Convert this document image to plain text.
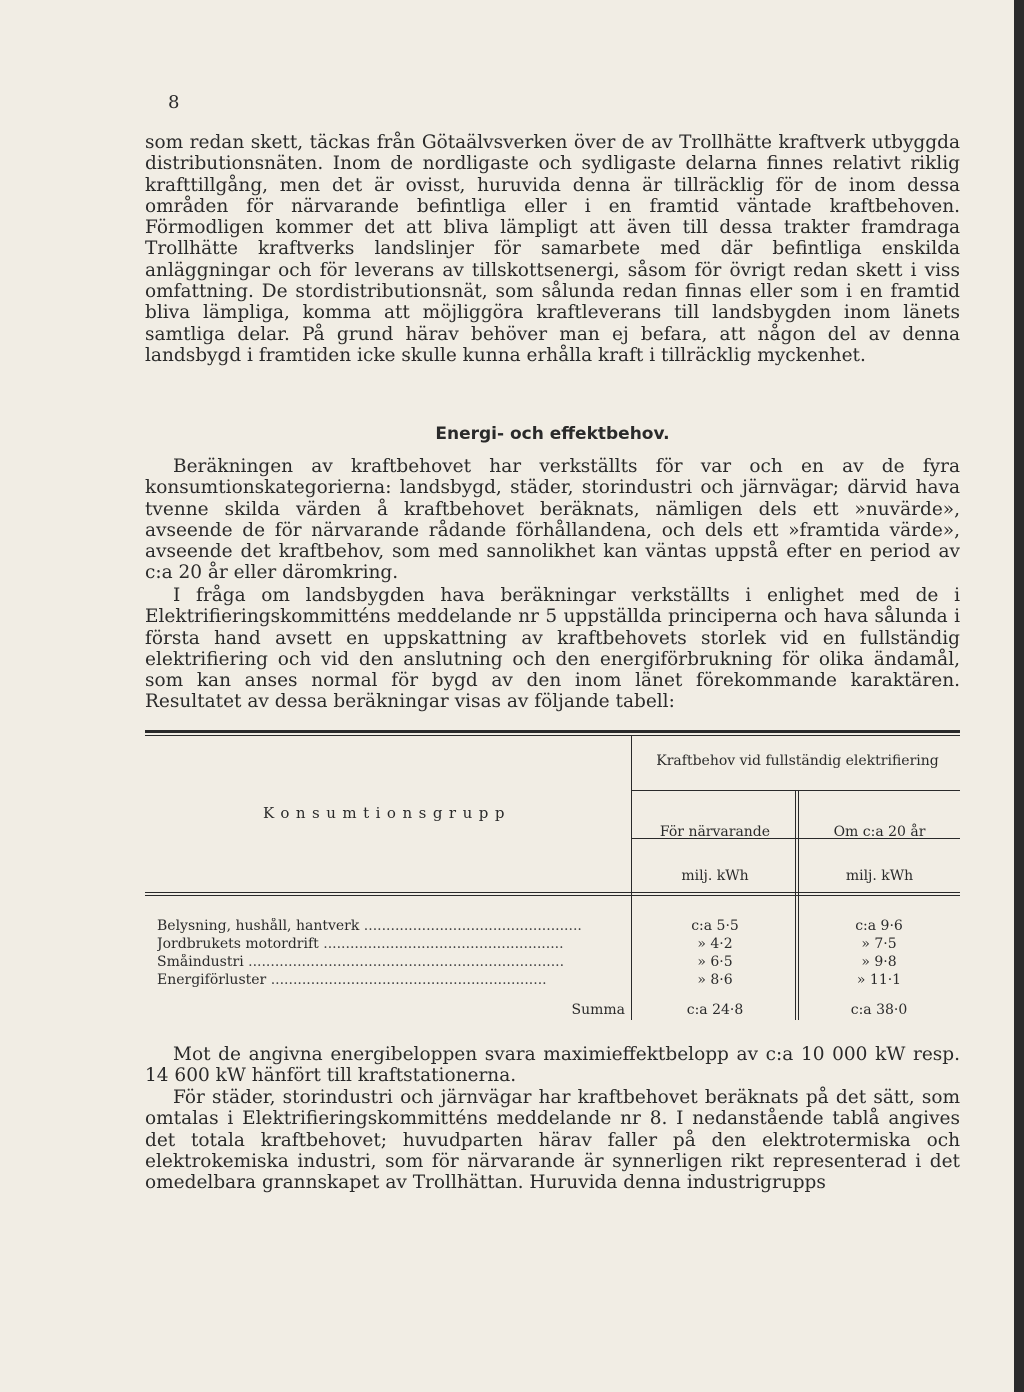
8

som redan skett, täckas från Götaälvsverken över de av Trollhätte kraftverk utbyggda distributionsnäten. Inom de nordligaste och sydligaste delarna finnes relativt riklig krafttillgång, men det är ovisst, huruvida denna är tillräcklig för de inom dessa områden för närvarande befintliga eller i en framtid väntade kraftbehoven. Förmodligen kommer det att bliva lämpligt att även till dessa trakter framdraga Trollhätte kraftverks landslinjer för samarbete med där befintliga enskilda anläggningar och för leverans av tillskottsenergi, såsom för övrigt redan skett i viss omfattning. De stordistributionsnät, som sålunda redan finnas eller som i en framtid bliva lämpliga, komma att möjliggöra kraftleverans till landsbygden inom länets samtliga delar. På grund härav behöver man ej befara, att någon del av denna landsbygd i framtiden icke skulle kunna erhålla kraft i tillräcklig myckenhet.

Energi- och effektbehov.

Beräkningen av kraftbehovet har verkställts för var och en av de fyra konsumtionskategorierna: landsbygd, städer, storindustri och järnvägar; därvid hava tvenne skilda värden å kraftbehovet beräknats, nämligen dels ett »nuvärde», avseende de för närvarande rådande förhållandena, och dels ett »framtida värde», avseende det kraftbehov, som med sannolikhet kan väntas uppstå efter en period av c:a 20 år eller däromkring.

I fråga om landsbygden hava beräkningar verkställts i enlighet med de i Elektrifieringskommitténs meddelande nr 5 uppställda principerna och hava sålunda i första hand avsett en uppskattning av kraftbehovets storlek vid en fullständig elektrifiering och vid den anslutning och den energiförbrukning för olika ändamål, som kan anses normal för bygd av den inom länet förekommande karaktären. Resultatet av dessa beräkningar visas av följande tabell:

Konsumtionsgrupp
Kraftbehov vid fullständig elektrifiering
För närvarande	Om c:a 20 år
milj. kWh	milj. kWh
Belysning, hushåll, hantverk .................................................	c:a 5·5	c:a 9·6
Jordbrukets motordrift ......................................................	» 4·2	» 7·5
Småindustri .......................................................................	» 6·5	» 9·8
Energiförluster ..............................................................	» 8·6	» 11·1
Summa	c:a 24·8	c:a 38·0

Mot de angivna energibeloppen svara maximieffektbelopp av c:a 10 000 kW resp. 14 600 kW hänfört till kraftstationerna.

För städer, storindustri och järnvägar har kraftbehovet beräknats på det sätt, som omtalas i Elektrifieringskommitténs meddelande nr 8. I nedanstående tablå angives det totala kraftbehovet; huvudparten härav faller på den elektrotermiska och elektrokemiska industri, som för närvarande är synnerligen rikt representerad i det omedelbara grannskapet av Trollhättan. Huruvida denna industrigrupps
